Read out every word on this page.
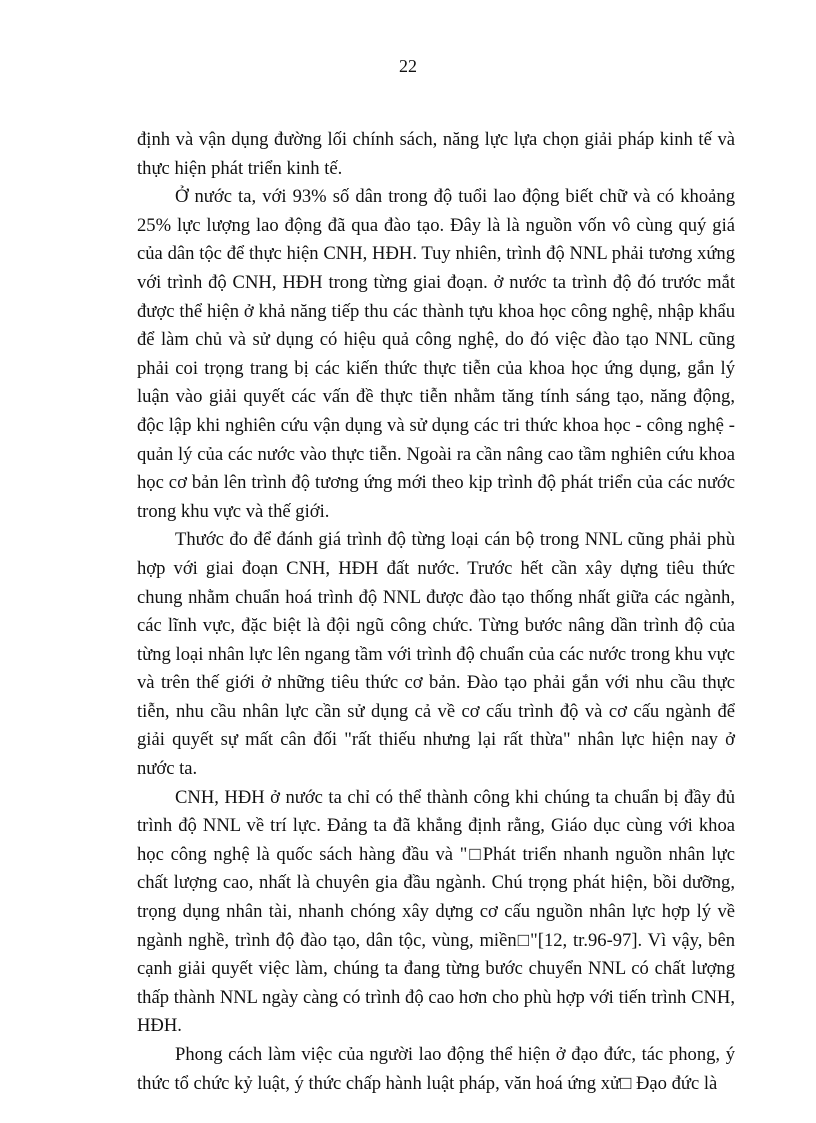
22

định và vận dụng đường lối chính sách, năng lực lựa chọn giải pháp kinh tế và thực hiện phát triển kinh tế.

Ở nước ta, với 93% số dân trong độ tuổi lao động biết chữ và có khoảng 25% lực lượng lao động đã qua đào tạo. Đây là là nguồn vốn vô cùng quý giá của dân tộc để thực hiện CNH, HĐH. Tuy nhiên, trình độ NNL phải tương xứng với trình độ CNH, HĐH trong từng giai đoạn. ở nước ta trình độ đó trước mắt được thể hiện ở khả năng tiếp thu các thành tựu khoa học công nghệ, nhập khẩu để làm chủ và sử dụng có hiệu quả công nghệ, do đó việc đào tạo NNL cũng phải coi trọng trang bị các kiến thức thực tiễn của khoa học ứng dụng, gắn lý luận vào giải quyết các vấn đề thực tiễn nhằm tăng tính sáng tạo, năng động, độc lập khi nghiên cứu vận dụng và sử dụng các tri thức khoa học - công nghệ - quản lý của các nước vào thực tiễn. Ngoài ra cần nâng cao tầm nghiên cứu khoa học cơ bản lên trình độ tương ứng mới theo kịp trình độ phát triển của các nước trong khu vực và thế giới.

Thước đo để đánh giá trình độ từng loại cán bộ trong NNL cũng phải phù hợp với giai đoạn CNH, HĐH đất nước. Trước hết cần xây dựng tiêu thức chung nhằm chuẩn hoá trình độ NNL được đào tạo thống nhất giữa các ngành, các lĩnh vực, đặc biệt là đội ngũ công chức. Từng bước nâng dần trình độ của từng loại nhân lực lên ngang tầm với trình độ chuẩn của các nước trong khu vực và trên thế giới ở những tiêu thức cơ bản. Đào tạo phải gắn với nhu cầu thực tiễn, nhu cầu nhân lực cần sử dụng cả về cơ cấu trình độ và cơ cấu ngành để giải quyết sự mất cân đối "rất thiếu nhưng lại rất thừa" nhân lực hiện nay ở nước ta.

CNH, HĐH ở nước ta chỉ có thể thành công khi chúng ta chuẩn bị đầy đủ trình độ NNL về trí lực. Đảng ta đã khẳng định rằng, Giáo dục cùng với khoa học công nghệ là quốc sách hàng đầu và "□Phát triển nhanh nguồn nhân lực chất lượng cao, nhất là chuyên gia đầu ngành. Chú trọng phát hiện, bồi dưỡng, trọng dụng nhân tài, nhanh chóng xây dựng cơ cấu nguồn nhân lực hợp lý về ngành nghề, trình độ đào tạo, dân tộc, vùng, miền□"[12, tr.96-97]. Vì vậy, bên cạnh giải quyết việc làm, chúng ta đang từng bước chuyển NNL có chất lượng thấp thành NNL ngày càng có trình độ cao hơn cho phù hợp với tiến trình CNH, HĐH.

Phong cách làm việc của người lao động thể hiện ở đạo đức, tác phong, ý thức tổ chức kỷ luật, ý thức chấp hành luật pháp, văn hoá ứng xử□ Đạo đức là
